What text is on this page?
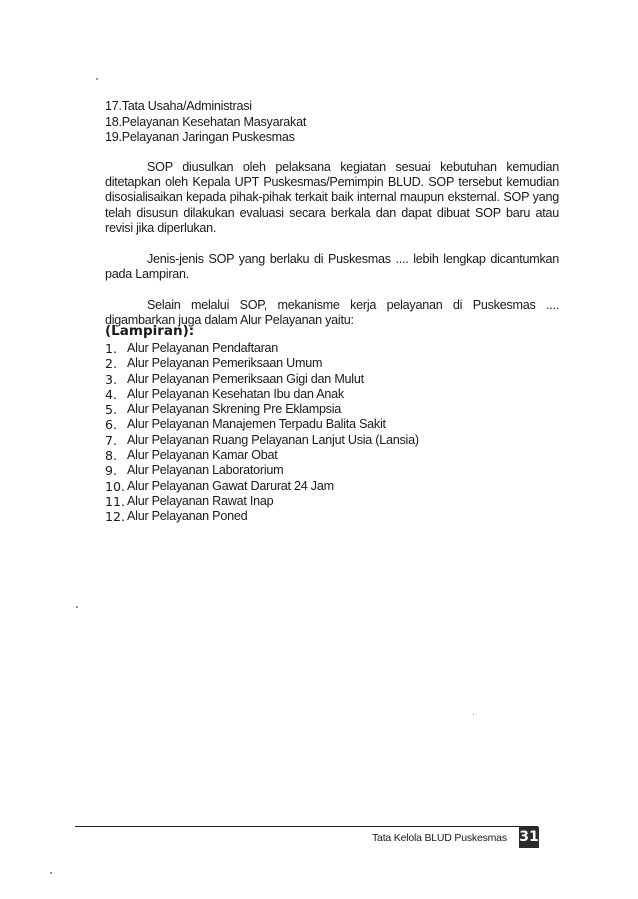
17.Tata Usaha/Administrasi
18.Pelayanan Kesehatan Masyarakat
19.Pelayanan Jaringan Puskesmas

SOP diusulkan oleh pelaksana kegiatan sesuai kebutuhan kemudian ditetapkan oleh Kepala UPT Puskesmas/Pemimpin BLUD. SOP tersebut kemudian disosialisaikan kepada pihak-pihak terkait baik internal maupun eksternal. SOP yang telah disusun dilakukan evaluasi secara berkala dan dapat dibuat SOP baru atau revisi jika diperlukan.

Jenis-jenis SOP yang berlaku di Puskesmas .... lebih lengkap dicantumkan pada Lampiran.

Selain melalui SOP, mekanisme kerja pelayanan di Puskesmas .... digambarkan juga dalam Alur Pelayanan yaitu:

(Lampiran):
1. Alur Pelayanan Pendaftaran
2. Alur Pelayanan Pemeriksaan Umum
3. Alur Pelayanan Pemeriksaan Gigi dan Mulut
4. Alur Pelayanan Kesehatan Ibu dan Anak
5. Alur Pelayanan Skrening Pre Eklampsia
6. Alur Pelayanan Manajemen Terpadu Balita Sakit
7. Alur Pelayanan Ruang Pelayanan Lanjut Usia (Lansia)
8. Alur Pelayanan Kamar Obat
9. Alur Pelayanan Laboratorium
10. Alur Pelayanan Gawat Darurat 24 Jam
11. Alur Pelayanan Rawat Inap
12. Alur Pelayanan Poned
Tata Kelola BLUD Puskesmas 31
